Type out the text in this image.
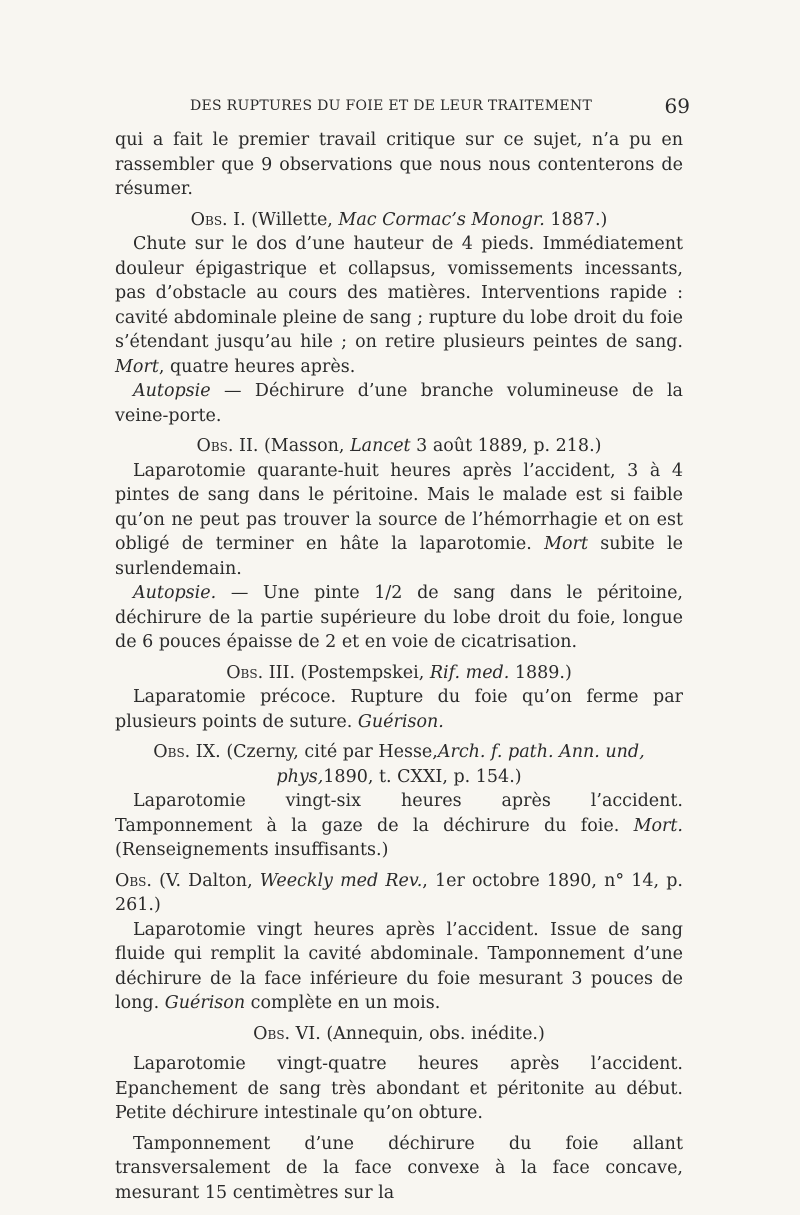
DES RUPTURES DU FOIE ET DE LEUR TRAITEMENT	69

qui a fait le premier travail critique sur ce sujet, n’a pu en rassembler que 9 observations que nous nous contenterons de résumer.

Obs. I. (Willette, Mac Cormac’s Monogr. 1887.)

Chute sur le dos d’une hauteur de 4 pieds. Immédiatement douleur épigastrique et collapsus, vomissements incessants, pas d’obstacle au cours des matières. Interventions rapide : cavité abdominale pleine de sang ; rupture du lobe droit du foie s’étendant jusqu’au hile ; on retire plusieurs peintes de sang. Mort, quatre heures après.

Autopsie — Déchirure d’une branche volumineuse de la veine-porte.

Obs. II. (Masson, Lancet 3 août 1889, p. 218.)

Laparotomie quarante-huit heures après l’accident, 3 à 4 pintes de sang dans le péritoine. Mais le malade est si faible qu’on ne peut pas trouver la source de l’hémorrhagie et on est obligé de terminer en hâte la laparotomie. Mort subite le surlendemain.

Autopsie. — Une pinte 1/2 de sang dans le péritoine, déchirure de la partie supérieure du lobe droit du foie, longue de 6 pouces épaisse de 2 et en voie de cicatrisation.

Obs. III. (Postempskei, Rif. med. 1889.)

Laparatomie précoce. Rupture du foie qu’on ferme par plusieurs points de suture. Guérison.

Obs. IX. (Czerny, cité par Hesse,Arch. f. path. Ann. und, phys,1890, t. CXXI, p. 154.)

Laparotomie vingt-six heures après l’accident. Tamponnement à la gaze de la déchirure du foie. Mort. (Renseignements insuffisants.)

Obs. (V. Dalton, Weeckly med Rev., 1er octobre 1890, n° 14, p. 261.)

Laparotomie vingt heures après l’accident. Issue de sang fluide qui remplit la cavité abdominale. Tamponnement d’une déchirure de la face inférieure du foie mesurant 3 pouces de long. Guérison complète en un mois.

Obs. VI. (Annequin, obs. inédite.)

Laparotomie vingt-quatre heures après l’accident. Epanchement de sang très abondant et péritonite au début. Petite déchirure intestinale qu’on obture.

Tamponnement d’une déchirure du foie allant transversalement de la face convexe à la face concave, mesurant 15 centimètres sur la
